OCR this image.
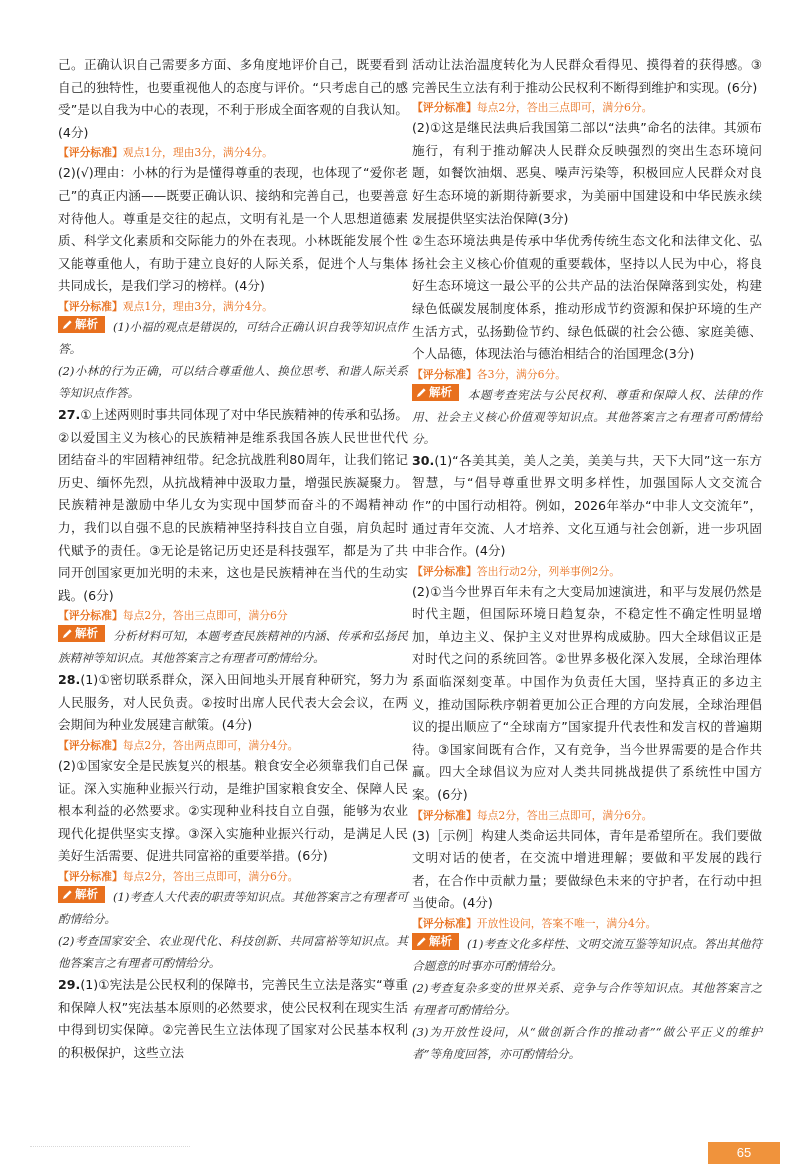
己。正确认识自己需要多方面、多角度地评价自己，既要看到自己的独特性，也要重视他人的态度与评价。“只考虑自己的感受”是以自我为中心的表现，不利于形成全面客观的自我认知。(4分)

【评分标准】观点1分，理由3分，满分4分。

(2)(√)理由：小林的行为是懂得尊重的表现，也体现了“爱你老己”的真正内涵——既要正确认识、接纳和完善自己，也要善意对待他人。尊重是交往的起点，文明有礼是一个人思想道德素质、科学文化素质和交际能力的外在表现。小林既能发展个性又能尊重他人，有助于建立良好的人际关系，促进个人与集体共同成长，是我们学习的榜样。(4分)

【评分标准】观点1分，理由3分，满分4分。

解析 (1)小福的观点是错误的，可结合正确认识自我等知识点作答。

(2)小林的行为正确，可以结合尊重他人、换位思考、和谐人际关系等知识点作答。

27.①上述两则时事共同体现了对中华民族精神的传承和弘扬。②以爱国主义为核心的民族精神是维系我国各族人民世世代代团结奋斗的牢固精神纽带。纪念抗战胜利80周年，让我们铭记历史、缅怀先烈，从抗战精神中汲取力量，增强民族凝聚力。民族精神是激励中华儿女为实现中国梦而奋斗的不竭精神动力，我们以自强不息的民族精神坚持科技自立自强，肩负起时代赋予的责任。③无论是铭记历史还是科技强军，都是为了共同开创国家更加光明的未来，这也是民族精神在当代的生动实践。(6分)

【评分标准】每点2分，答出三点即可，满分6分

解析 分析材料可知，本题考查民族精神的内涵、传承和弘扬民族精神等知识点。其他答案言之有理者可酌情给分。

28.(1)①密切联系群众，深入田间地头开展育种研究，努力为人民服务，对人民负责。②按时出席人民代表大会会议，在两会期间为种业发展建言献策。(4分)

【评分标准】每点2分，答出两点即可，满分4分。

(2)①国家安全是民族复兴的根基。粮食安全必须靠我们自己保证。深入实施种业振兴行动，是维护国家粮食安全、保障人民根本利益的必然要求。②实现种业科技自立自强，能够为农业现代化提供坚实支撑。③深入实施种业振兴行动，是满足人民美好生活需要、促进共同富裕的重要举措。(6分)

【评分标准】每点2分，答出三点即可，满分6分。

解析 (1)考查人大代表的职责等知识点。其他答案言之有理者可酌情给分。

(2)考查国家安全、农业现代化、科技创新、共同富裕等知识点。其他答案言之有理者可酌情给分。

29.(1)①宪法是公民权利的保障书，完善民生立法是落实“尊重和保障人权”宪法基本原则的必然要求，使公民权利在现实生活中得到切实保障。②完善民生立法体现了国家对公民基本权利的积极保护，这些立法

活动让法治温度转化为人民群众看得见、摸得着的获得感。③完善民生立法有利于推动公民权利不断得到维护和实现。(6分)

【评分标准】每点2分，答出三点即可，满分6分。

(2)①这是继民法典后我国第二部以“法典”命名的法律。其颁布施行，有利于推动解决人民群众反映强烈的突出生态环境问题，如餐饮油烟、恶臭、噪声污染等，积极回应人民群众对良好生态环境的新期待新要求，为美丽中国建设和中华民族永续发展提供坚实法治保障(3分)

②生态环境法典是传承中华优秀传统生态文化和法律文化、弘扬社会主义核心价值观的重要载体，坚持以人民为中心，将良好生态环境这一最公平的公共产品的法治保障落到实处，构建绿色低碳发展制度体系，推动形成节约资源和保护环境的生产生活方式，弘扬勤俭节约、绿色低碳的社会公德、家庭美德、个人品德，体现法治与德治相结合的治国理念(3分)

【评分标准】各3分，满分6分。

解析 本题考查宪法与公民权利、尊重和保障人权、法律的作用、社会主义核心价值观等知识点。其他答案言之有理者可酌情给分。

30.(1)“各美其美，美人之美，美美与共，天下大同”这一东方智慧，与“倡导尊重世界文明多样性，加强国际人文交流合作”的中国行动相符。例如，2026年举办“中非人文交流年”，通过青年交流、人才培养、文化互通与社会创新，进一步巩固中非合作。(4分)

【评分标准】答出行动2分，列举事例2分。

(2)①当今世界百年未有之大变局加速演进，和平与发展仍然是时代主题，但国际环境日趋复杂，不稳定性不确定性明显增加，单边主义、保护主义对世界构成威胁。四大全球倡议正是对时代之问的系统回答。②世界多极化深入发展，全球治理体系面临深刻变革。中国作为负责任大国，坚持真正的多边主义，推动国际秩序朝着更加公正合理的方向发展，全球治理倡议的提出顺应了“全球南方”国家提升代表性和发言权的普遍期待。③国家间既有合作，又有竞争，当今世界需要的是合作共赢。四大全球倡议为应对人类共同挑战提供了系统性中国方案。(6分)

【评分标准】每点2分，答出三点即可，满分6分。

(3)［示例］构建人类命运共同体，青年是希望所在。我们要做文明对话的使者，在交流中增进理解；要做和平发展的践行者，在合作中贡献力量；要做绿色未来的守护者，在行动中担当使命。(4分)

【评分标准】开放性设问，答案不唯一，满分4分。

解析 (1)考查文化多样性、文明交流互鉴等知识点。答出其他符合题意的时事亦可酌情给分。

(2)考查复杂多变的世界关系、竞争与合作等知识点。其他答案言之有理者可酌情给分。

(3)为开放性设问，从“做创新合作的推动者”“做公平正义的维护者”等角度回答，亦可酌情给分。

65
